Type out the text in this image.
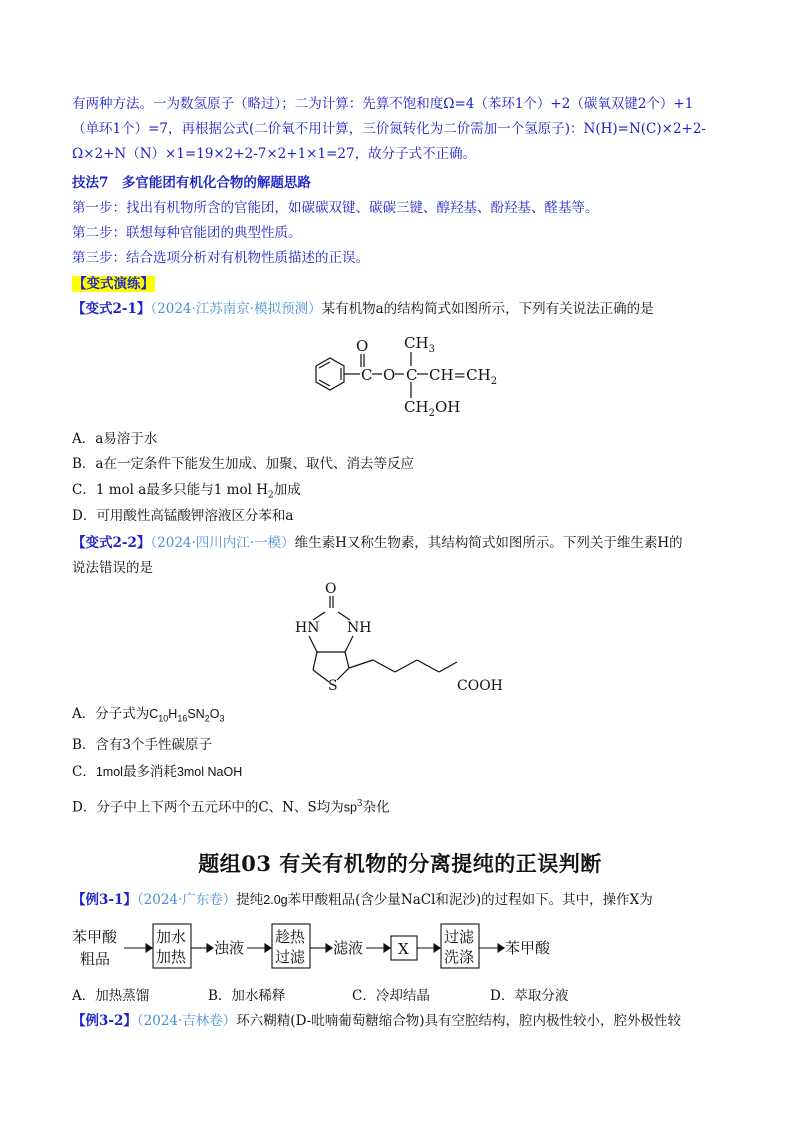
有两种方法。一为数氢原子（略过）；二为计算：先算不饱和度Ω=4（苯环1个）+2（碳氧双键2个）+1
（单环1个）=7，再根据公式(二价氧不用计算，三价氮转化为二价需加一个氢原子)：N(H)=N(C)×2+2-
Ω×2+N（N）×1=19×2+2-7×2+1×1=27，故分子式不正确。
技法7　多官能团有机化合物的解题思路
第一步：找出有机物所含的官能团，如碳碳双键、碳碳三键、醇羟基、酚羟基、醛基等。
第二步：联想每种官能团的典型性质。
第三步：结合选项分析对有机物性质描述的正误。
【变式演练】
【变式2-1】（2024·江苏南京·模拟预测）某有机物a的结构简式如图所示，下列有关说法正确的是
O
C O C
$CH_3$
$CH=CH_2$
$CH_2OH$
A．a易溶于水
B．a在一定条件下能发生加成、加聚、取代、消去等反应
C．1 mol a最多只能与1 mol $H_2$加成
D．可用酸性高锰酸钾溶液区分苯和a
【变式2-2】（2024·四川内江·一模）维生素H又称生物素，其结构简式如图所示。下列关于维生素H的
说法错误的是
O
HN NH
S	COOH
A．分子式为$C_{10}H_{16}SN_2O_3$
B．含有3个手性碳原子
C．1mol最多消耗3mol NaOH
D．分子中上下两个五元环中的C、N、S均为$sp^3$杂化
题组03 有关有机物的分离提纯的正误判断
【例3-1】（2024·广东卷）提纯2.0g苯甲酸粗品(含少量NaCl和泥沙)的过程如下。其中，操作X为
苯甲酸
粗品
加水
加热 浊液
趁热
过滤 滤液 X
过滤
洗涤 苯甲酸
A．加热蒸馏	B．加水稀释	C．冷却结晶	D．萃取分液
【例3-2】（2024·吉林卷）环六糊精(D-吡喃葡萄糖缩合物)具有空腔结构，腔内极性较小，腔外极性较
